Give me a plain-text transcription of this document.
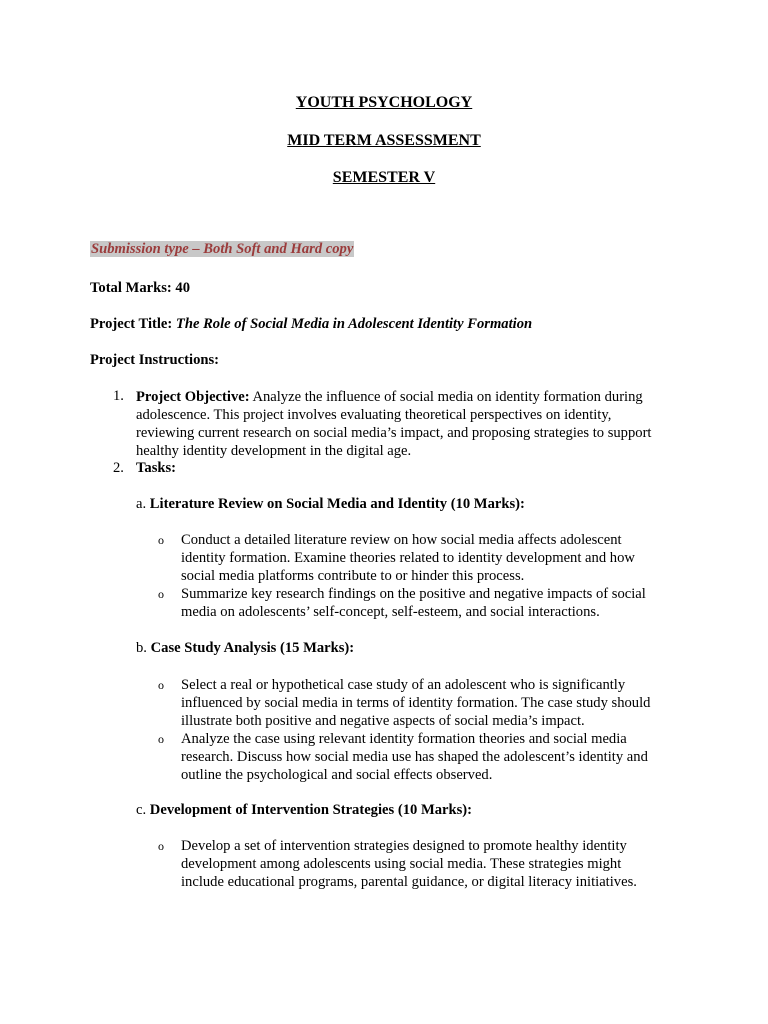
YOUTH PSYCHOLOGY
MID TERM ASSESSMENT
SEMESTER V
Submission type – Both Soft and Hard copy
Total Marks: 40
Project Title: The Role of Social Media in Adolescent Identity Formation
Project Instructions:
1. Project Objective: Analyze the influence of social media on identity formation during
adolescence. This project involves evaluating theoretical perspectives on identity,
reviewing current research on social media’s impact, and proposing strategies to support
healthy identity development in the digital age.
2. Tasks:
a. Literature Review on Social Media and Identity (10 Marks):
o Conduct a detailed literature review on how social media affects adolescent
identity formation. Examine theories related to identity development and how
social media platforms contribute to or hinder this process.
o Summarize key research findings on the positive and negative impacts of social
media on adolescents’ self-concept, self-esteem, and social interactions.
b. Case Study Analysis (15 Marks):
o Select a real or hypothetical case study of an adolescent who is significantly
influenced by social media in terms of identity formation. The case study should
illustrate both positive and negative aspects of social media’s impact.
o Analyze the case using relevant identity formation theories and social media
research. Discuss how social media use has shaped the adolescent’s identity and
outline the psychological and social effects observed.
c. Development of Intervention Strategies (10 Marks):
o Develop a set of intervention strategies designed to promote healthy identity
development among adolescents using social media. These strategies might
include educational programs, parental guidance, or digital literacy initiatives.
